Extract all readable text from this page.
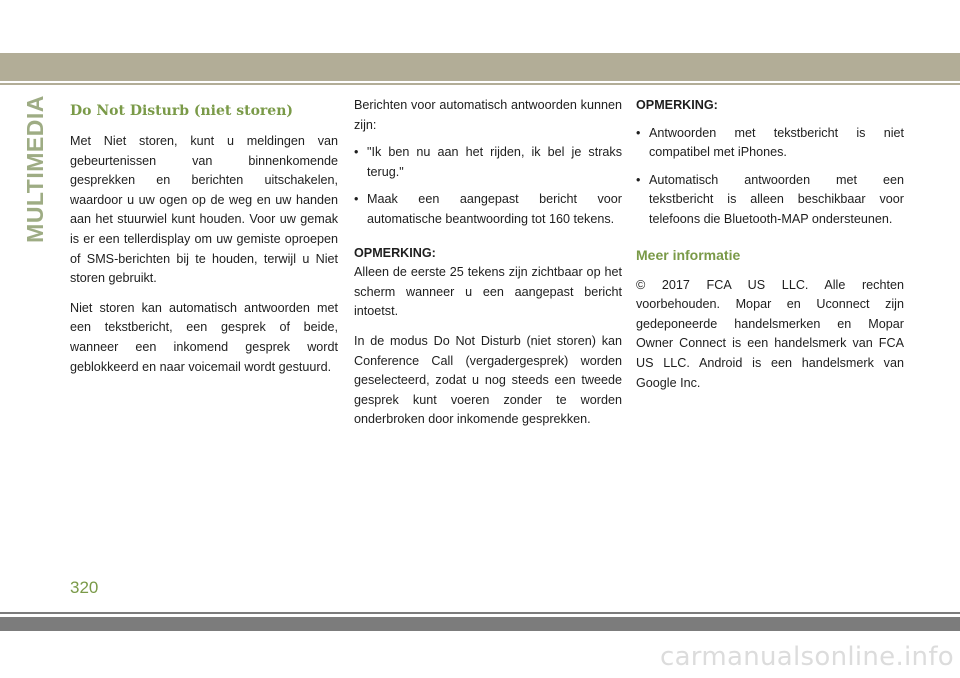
MULTIMEDIA Do Not Disturb (niet storen)

Met Niet storen, kunt u meldingen van gebeurtenissen van binnenkomende gesprekken en berichten uitschakelen, waardoor u uw ogen op de weg en uw handen aan het stuurwiel kunt houden. Voor uw gemak is er een tellerdisplay om uw gemiste oproepen of SMS-berichten bij te houden, terwijl u Niet storen gebruikt.

Niet storen kan automatisch antwoorden met een tekstbericht, een gesprek of beide, wanneer een inkomend gesprek wordt geblokkeerd en naar voicemail wordt gestuurd.

Berichten voor automatisch antwoorden kunnen zijn:

• "Ik ben nu aan het rijden, ik bel je straks terug."
• Maak een aangepast bericht voor automatische beantwoording tot 160 tekens.
OPMERKING:

Alleen de eerste 25 tekens zijn zichtbaar op het scherm wanneer u een aangepast bericht intoetst.

In de modus Do Not Disturb (niet storen) kan Conference Call (vergadergesprek) worden geselecteerd, zodat u nog steeds een tweede gesprek kunt voeren zonder te worden onderbroken door inkomende gesprekken.

OPMERKING:
• Antwoorden met tekstbericht is niet compatibel met iPhones.
• Automatisch antwoorden met een tekstbericht is alleen beschikbaar voor telefoons die Bluetooth-MAP ondersteunen.
Meer informatie

© 2017 FCA US LLC. Alle rechten voorbehouden. Mopar en Uconnect zijn gedeponeerde handelsmerken en Mopar Owner Connect is een handelsmerk van FCA US LLC. Android is een handelsmerk van Google Inc.

320
carmanualsonline.info
